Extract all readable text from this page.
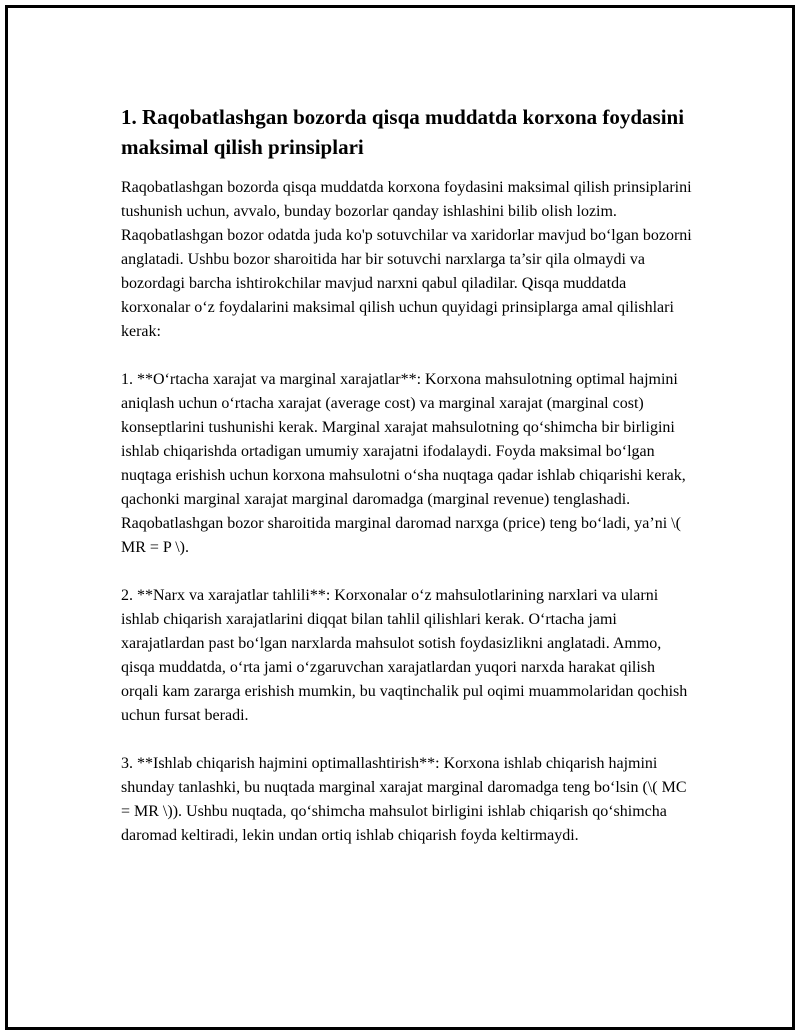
1. Raqobatlashgan bozorda qisqa muddatda korxona foydasini maksimal qilish prinsiplari

Raqobatlashgan bozorda qisqa muddatda korxona foydasini maksimal qilish prinsiplarini tushunish uchun, avvalo, bunday bozorlar qanday ishlashini bilib olish lozim. Raqobatlashgan bozor odatda juda ko'p sotuvchilar va xaridorlar mavjud bo‘lgan bozorni anglatadi. Ushbu bozor sharoitida har bir sotuvchi narxlarga ta’sir qila olmaydi va bozordagi barcha ishtirokchilar mavjud narxni qabul qiladilar. Qisqa muddatda korxonalar o‘z foydalarini maksimal qilish uchun quyidagi prinsiplarga amal qilishlari kerak:

1. **O‘rtacha xarajat va marginal xarajatlar**: Korxona mahsulotning optimal hajmini aniqlash uchun o‘rtacha xarajat (average cost) va marginal xarajat (marginal cost) konseptlarini tushunishi kerak. Marginal xarajat mahsulotning qo‘shimcha bir birligini ishlab chiqarishda ortadigan umumiy xarajatni ifodalaydi. Foyda maksimal bo‘lgan nuqtaga erishish uchun korxona mahsulotni o‘sha nuqtaga qadar ishlab chiqarishi kerak, qachonki marginal xarajat marginal daromadga (marginal revenue) tenglashadi. Raqobatlashgan bozor sharoitida marginal daromad narxga (price) teng bo‘ladi, ya’ni \( MR = P \).

2. **Narx va xarajatlar tahlili**: Korxonalar o‘z mahsulotlarining narxlari va ularni ishlab chiqarish xarajatlarini diqqat bilan tahlil qilishlari kerak. O‘rtacha jami xarajatlardan past bo‘lgan narxlarda mahsulot sotish foydasizlikni anglatadi. Ammo, qisqa muddatda, o‘rta jami o‘zgaruvchan xarajatlardan yuqori narxda harakat qilish orqali kam zararga erishish mumkin, bu vaqtinchalik pul oqimi muammolaridan qochish uchun fursat beradi.

3. **Ishlab chiqarish hajmini optimallashtirish**: Korxona ishlab chiqarish hajmini shunday tanlashki, bu nuqtada marginal xarajat marginal daromadga teng bo‘lsin (\( MC = MR \)). Ushbu nuqtada, qo‘shimcha mahsulot birligini ishlab chiqarish qo‘shimcha daromad keltiradi, lekin undan ortiq ishlab chiqarish foyda keltirmaydi.
